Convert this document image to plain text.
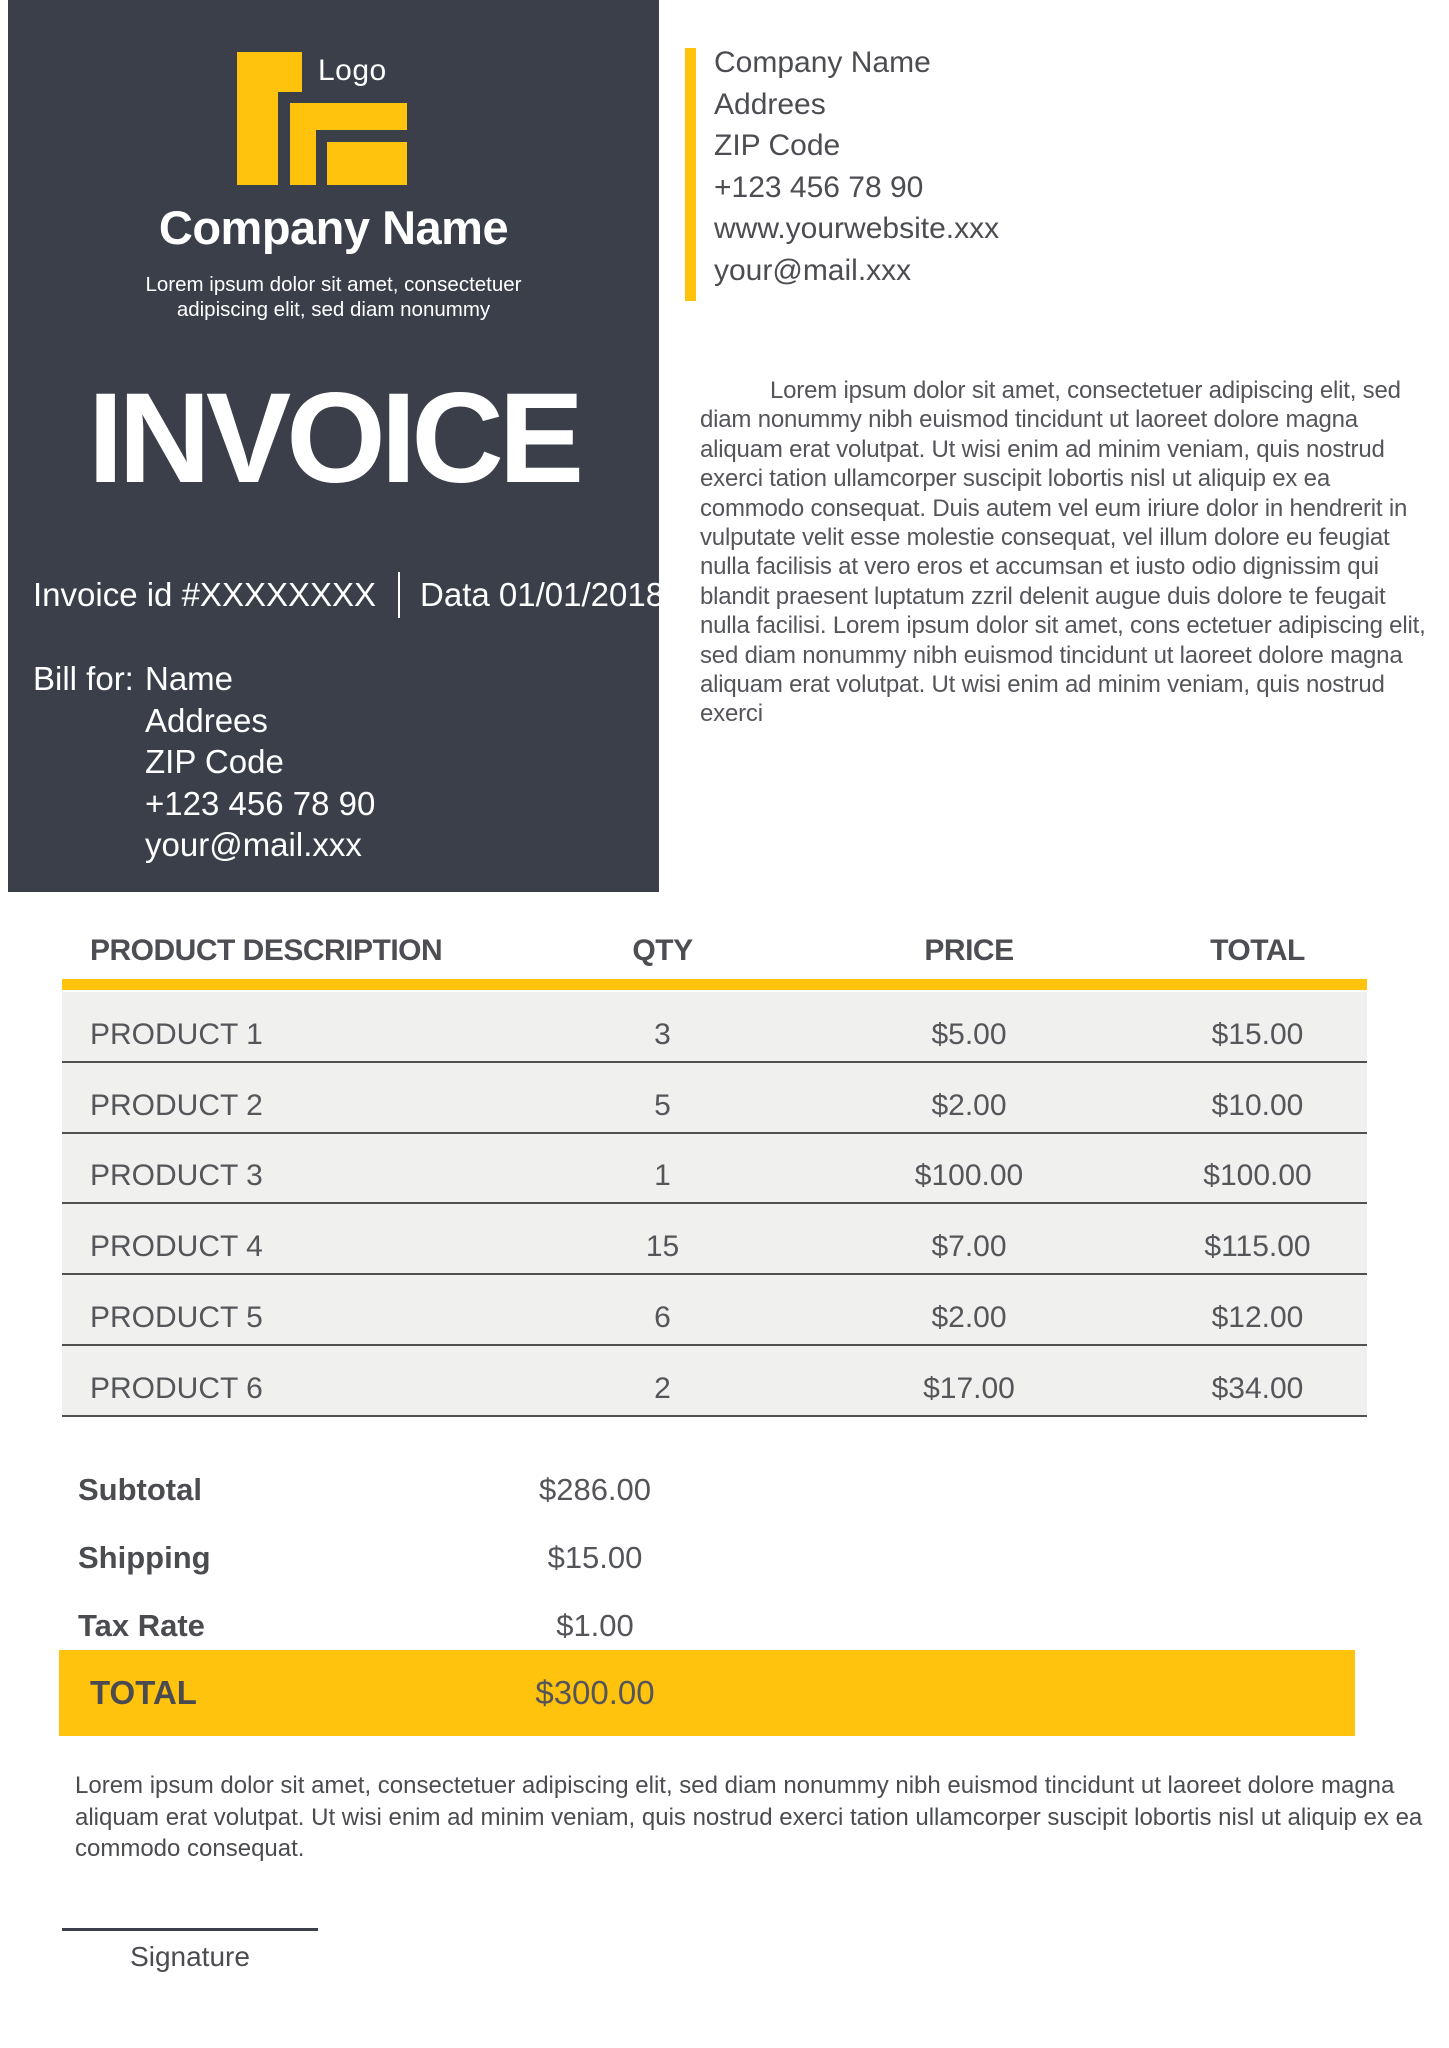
Logo
Company Name
Lorem ipsum dolor sit amet, consectetuer
adipiscing elit, sed diam nonummy
INVOICE
Invoice id #XXXXXXXX Data 01/01/2018
Bill for: Name
Addrees
ZIP Code
+123 456 78 90
your@mail.xxx
Company Name
Addrees
ZIP Code
+123 456 78 90
www.yourwebsite.xxx
your@mail.xxx
Lorem ipsum dolor sit amet, consectetuer adipiscing elit, sed diam nonummy nibh euismod tincidunt ut laoreet dolore magna aliquam erat volutpat. Ut wisi enim ad minim veniam, quis nostrud exerci tation ullamcorper suscipit lobortis nisl ut aliquip ex ea commodo consequat. Duis autem vel eum iriure dolor in hendrerit in vulputate velit esse molestie consequat, vel illum dolore eu feugiat nulla facilisis at vero eros et accumsan et iusto odio dignissim qui blandit praesent luptatum zzril delenit augue duis dolore te feugait nulla facilisi. Lorem ipsum dolor sit amet, cons ectetuer adipiscing elit, sed diam nonummy nibh euismod tincidunt ut laoreet dolore magna aliquam erat volutpat. Ut wisi enim ad minim veniam, quis nostrud exerci
PRODUCT DESCRIPTION	QTY	PRICE	TOTAL
PRODUCT 1	3	$5.00	$15.00
PRODUCT 2	5	$2.00	$10.00
PRODUCT 3	1	$100.00	$100.00
PRODUCT 4	15	$7.00	$115.00
PRODUCT 5	6	$2.00	$12.00
PRODUCT 6	2	$17.00	$34.00
Subtotal	$286.00
Shipping	$15.00
Tax Rate	$1.00
TOTAL	$300.00
Lorem ipsum dolor sit amet, consectetuer adipiscing elit, sed diam nonummy nibh euismod tincidunt ut laoreet dolore magna aliquam erat volutpat. Ut wisi enim ad minim veniam, quis nostrud exerci tation ullamcorper suscipit lobortis nisl ut aliquip ex ea commodo consequat.
Signature
